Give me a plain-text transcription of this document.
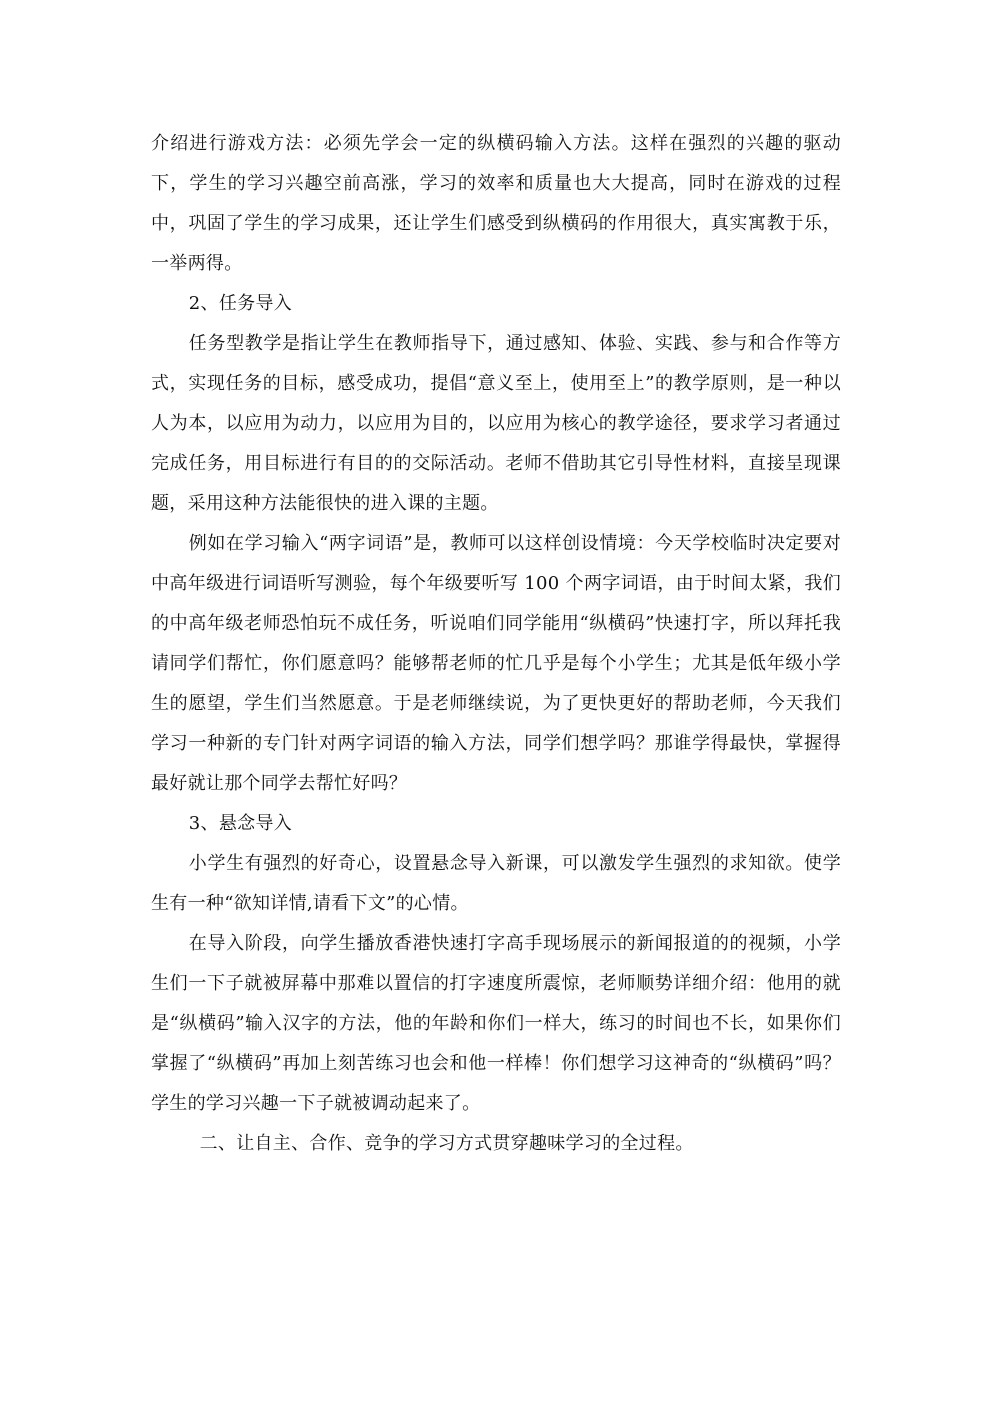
介绍进行游戏方法：必须先学会一定的纵横码输入方法。这样在强烈的兴趣的驱动下，学生的学习兴趣空前高涨，学习的效率和质量也大大提高，同时在游戏的过程中，巩固了学生的学习成果，还让学生们感受到纵横码的作用很大，真实寓教于乐，一举两得。

2、任务导入

任务型教学是指让学生在教师指导下，通过感知、体验、实践、参与和合作等方式，实现任务的目标，感受成功，提倡“意义至上，使用至上”的教学原则，是一种以人为本，以应用为动力，以应用为目的，以应用为核心的教学途径，要求学习者通过完成任务，用目标进行有目的的交际活动。老师不借助其它引导性材料，直接呈现课题，采用这种方法能很快的进入课的主题。

例如在学习输入“两字词语”是，教师可以这样创设情境：今天学校临时决定要对中高年级进行词语听写测验，每个年级要听写 100 个两字词语，由于时间太紧，我们的中高年级老师恐怕玩不成任务，听说咱们同学能用“纵横码”快速打字，所以拜托我请同学们帮忙，你们愿意吗？能够帮老师的忙几乎是每个小学生；尤其是低年级小学生的愿望，学生们当然愿意。于是老师继续说，为了更快更好的帮助老师，今天我们学习一种新的专门针对两字词语的输入方法，同学们想学吗？那谁学得最快，掌握得最好就让那个同学去帮忙好吗？

3、悬念导入

小学生有强烈的好奇心，设置悬念导入新课，可以激发学生强烈的求知欲。使学生有一种“欲知详情,请看下文”的心情。

在导入阶段，向学生播放香港快速打字高手现场展示的新闻报道的的视频，小学生们一下子就被屏幕中那难以置信的打字速度所震惊，老师顺势详细介绍：他用的就是“纵横码”输入汉字的方法，他的年龄和你们一样大，练习的时间也不长，如果你们掌握了“纵横码”再加上刻苦练习也会和他一样棒！你们想学习这神奇的“纵横码”吗？学生的学习兴趣一下子就被调动起来了。

二、让自主、合作、竞争的学习方式贯穿趣味学习的全过程。
